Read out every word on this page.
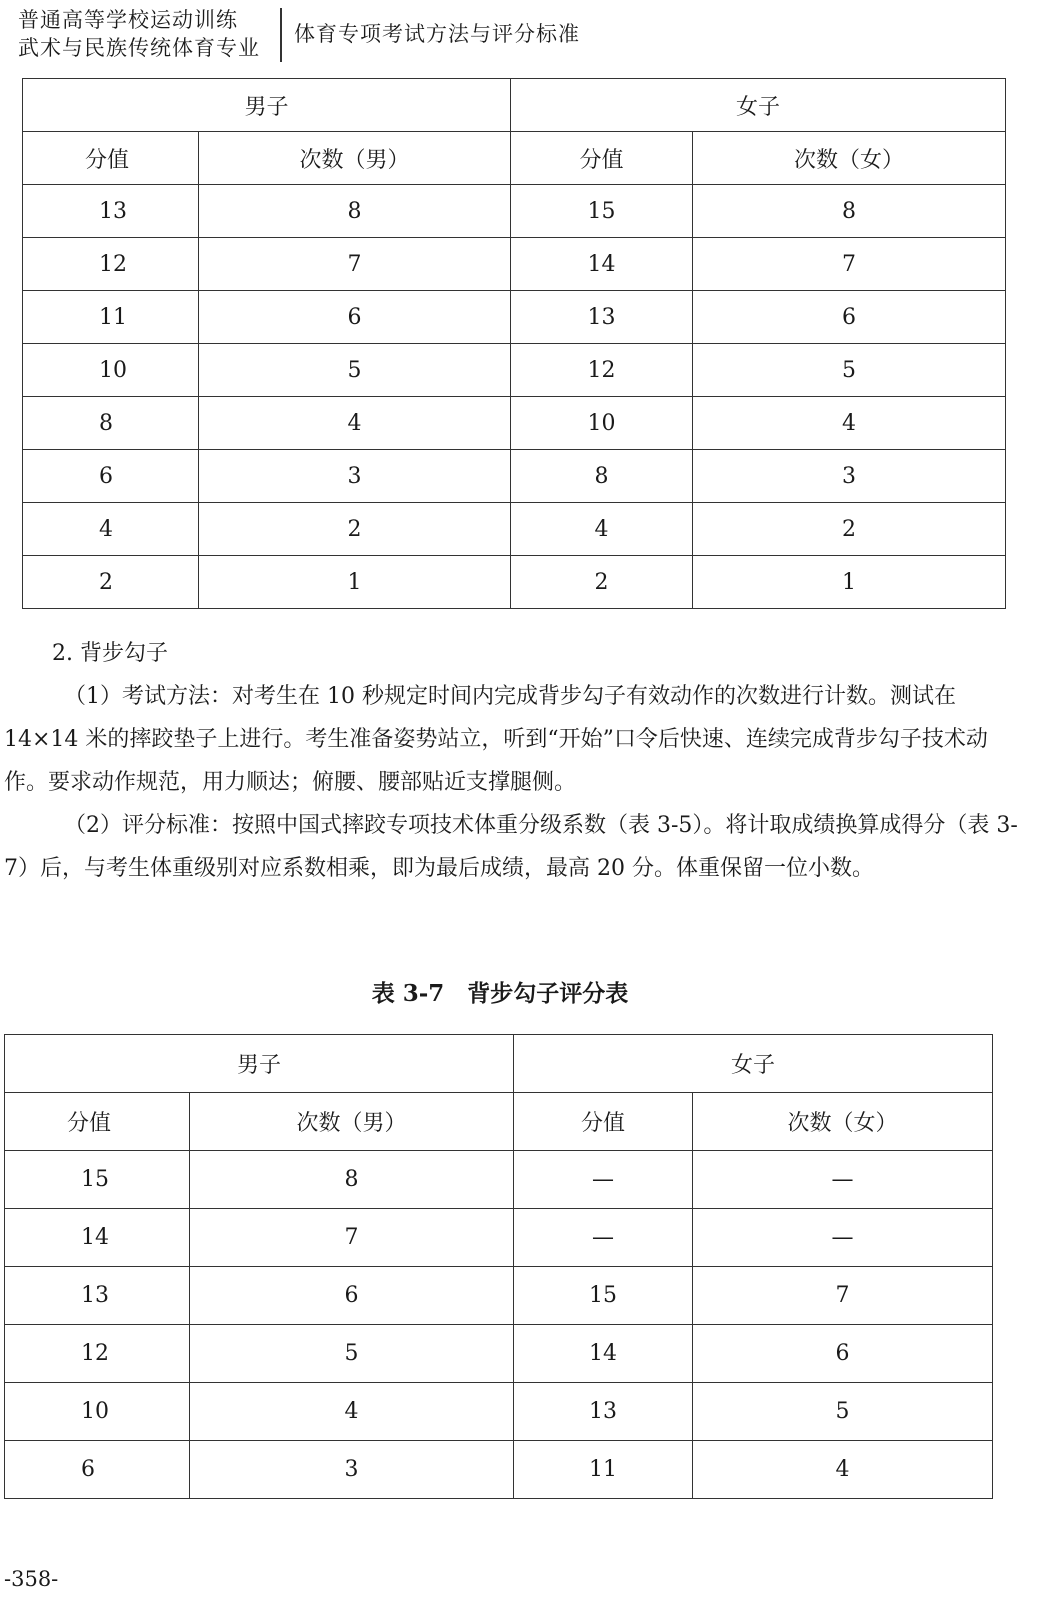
普通高等学校运动训练
武术与民族传统体育专业
体育专项考试方法与评分标准
男子		女子	
分值	次数（男）	分值	次数（女）
13	8	15	8
12	7	14	7
11	6	13	6
10	5	12	5
8	4	10	4
6	3	8	3
4	2	4	2
2	1	2	1
2. 背步勾子
（1）考试方法：对考生在 10 秒规定时间内完成背步勾子有效动作的次数进行计数。测试在 14×14 米的摔跤垫子上进行。考生准备姿势站立，听到“开始”口令后快速、连续完成背步勾子技术动作。要求动作规范，用力顺达；俯腰、腰部贴近支撑腿侧。
（2）评分标准：按照中国式摔跤专项技术体重分级系数（表 3-5）。将计取成绩换算成得分（表 3-7）后，与考生体重级别对应系数相乘，即为最后成绩，最高 20 分。体重保留一位小数。
表 3-7　背步勾子评分表
男子		女子	
分值	次数（男）	分值	次数（女）
15	8	—	—
14	7	—	—
13	6	15	7
12	5	14	6
10	4	13	5
6	3	11	4
-358-
